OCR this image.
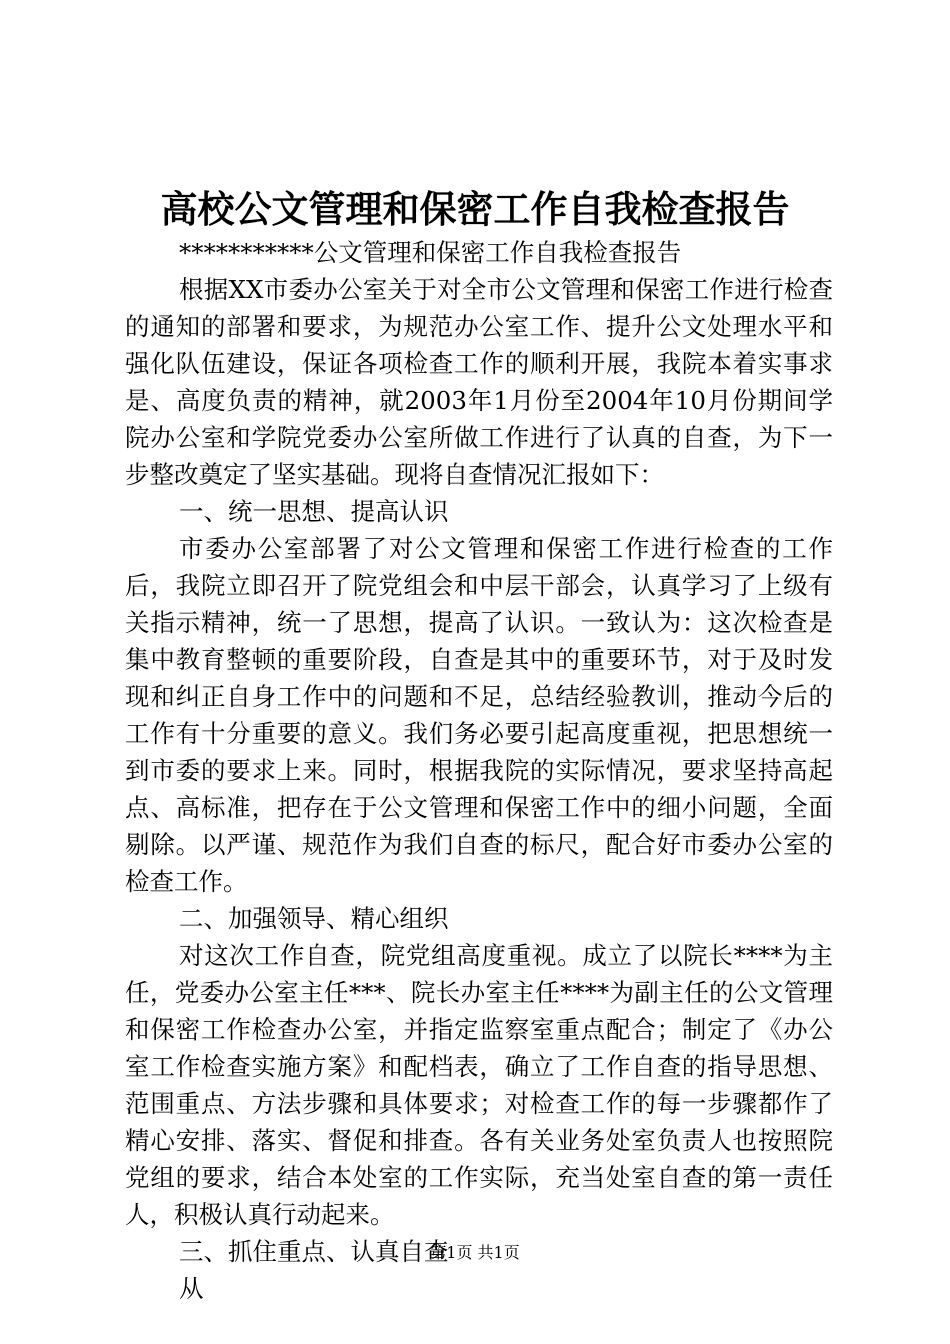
高校公文管理和保密工作自我检查报告

***********公文管理和保密工作自我检查报告

根据XX市委办公室关于对全市公文管理和保密工作进行检查的通知的部署和要求，为规范办公室工作、提升公文处理水平和强化队伍建设，保证各项检查工作的顺利开展，我院本着实事求是、高度负责的精神，就2003年1月份至2004年10月份期间学院办公室和学院党委办公室所做工作进行了认真的自查，为下一步整改奠定了坚实基础。现将自查情况汇报如下：

一、统一思想、提高认识

市委办公室部署了对公文管理和保密工作进行检查的工作后，我院立即召开了院党组会和中层干部会，认真学习了上级有关指示精神，统一了思想，提高了认识。一致认为：这次检查是集中教育整顿的重要阶段，自查是其中的重要环节，对于及时发现和纠正自身工作中的问题和不足，总结经验教训，推动今后的工作有十分重要的意义。我们务必要引起高度重视，把思想统一到市委的要求上来。同时，根据我院的实际情况，要求坚持高起点、高标准，把存在于公文管理和保密工作中的细小问题，全面剔除。以严谨、规范作为我们自查的标尺，配合好市委办公室的检查工作。

二、加强领导、精心组织

对这次工作自查，院党组高度重视。成立了以院长****为主任，党委办公室主任***、院长办室主任****为副主任的公文管理和保密工作检查办公室，并指定监察室重点配合；制定了《办公室工作检查实施方案》和配档表，确立了工作自查的指导思想、范围重点、方法步骤和具体要求；对检查工作的每一步骤都作了精心安排、落实、督促和排查。各有关业务处室负责人也按照院党组的要求，结合本处室的工作实际，充当处室自查的第一责任人，积极认真行动起来。

三、抓住重点、认真自查

从

第1页 共1页
